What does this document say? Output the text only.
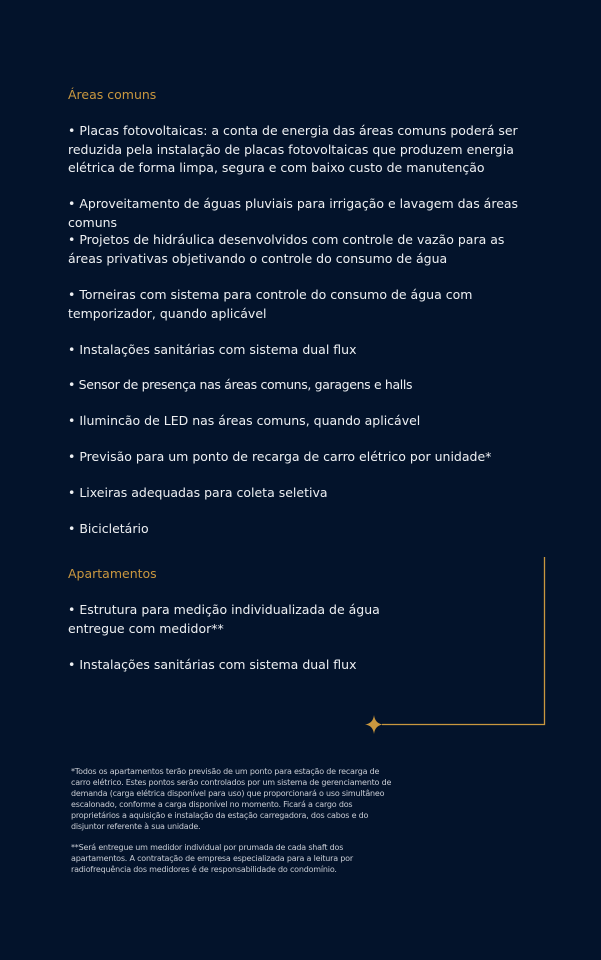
Áreas comuns

• Placas fotovoltaicas: a conta de energia das áreas comuns poderá ser reduzida pela instalação de placas fotovoltaicas que produzem energia elétrica de forma limpa, segura e com baixo custo de manutenção

• Aproveitamento de águas pluviais para irrigação e lavagem das áreas comuns

• Projetos de hidráulica desenvolvidos com controle de vazão para as áreas privativas objetivando o controle do consumo de água

• Torneiras com sistema para controle do consumo de água com temporizador, quando aplicável

• Instalações sanitárias com sistema dual flux

• Sensor de presença nas áreas comuns, garagens e halls

• Ilumincão de LED nas áreas comuns, quando aplicável

• Previsão para um ponto de recarga de carro elétrico por unidade*

• Lixeiras adequadas para coleta seletiva

• Bicicletário

Apartamentos

• Estrutura para medição individualizada de água entregue com medidor**

• Instalações sanitárias com sistema dual flux

*Todos os apartamentos terão previsão de um ponto para estação de recarga de carro elétrico. Estes pontos serão controlados por um sistema de gerenciamento de demanda (carga elétrica disponível para uso) que proporcionará o uso simultâneo escalonado, conforme a carga disponível no momento. Ficará a cargo dos proprietários a aquisição e instalação da estação carregadora, dos cabos e do disjuntor referente à sua unidade.

**Será entregue um medidor individual por prumada de cada shaft dos apartamentos. A contratação de empresa especializada para a leitura por radiofrequência dos medidores é de responsabilidade do condomínio.
